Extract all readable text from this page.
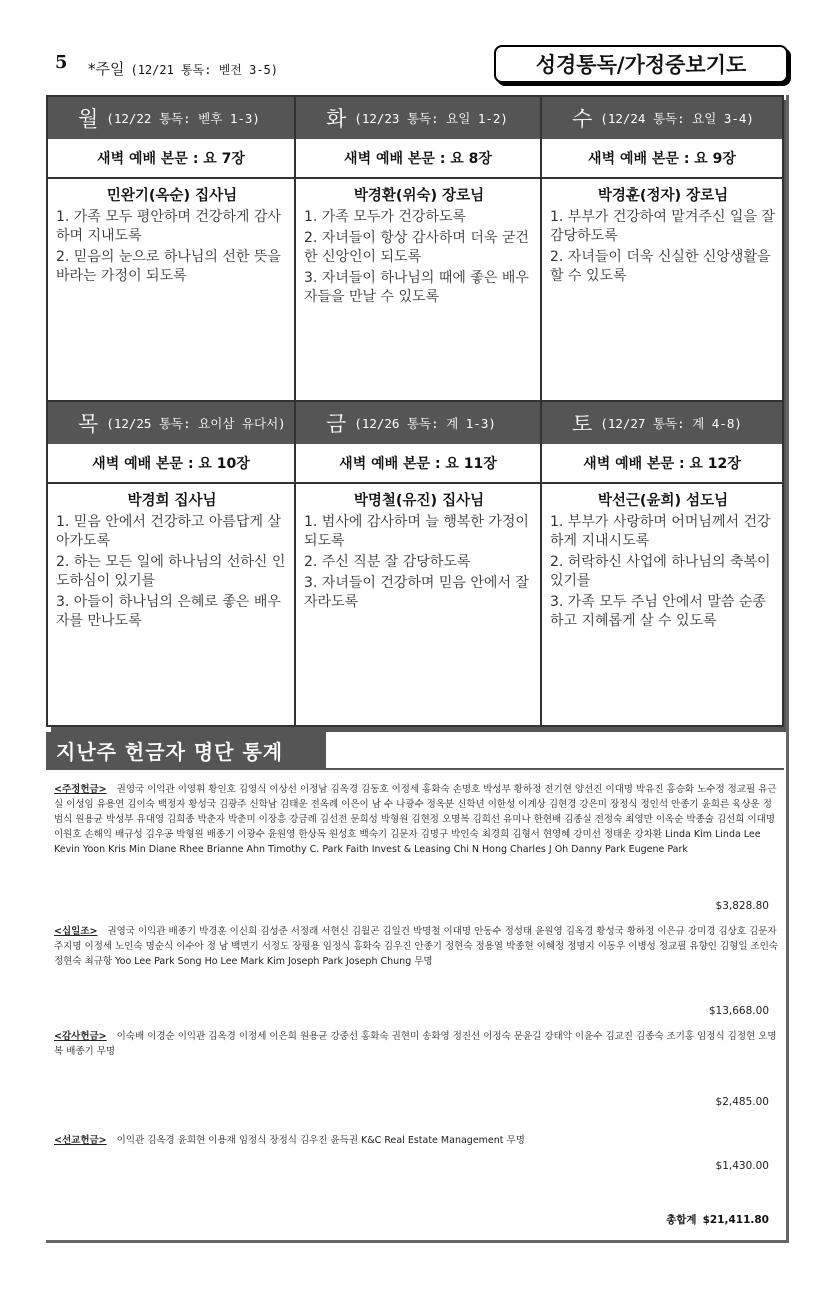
5 *주일 (12/21 통독: 벧전 3-5)	성경통독/가정중보기도
월 (12/22 통독: 벧후 1-3)
새벽 예배 본문 : 요 7장
민완기(옥순) 집사님
1. 가족 모두 평안하며 건강하게 감사하며 지내도록
2. 믿음의 눈으로 하나님의 선한 뜻을 바라는 가정이 되도록
화 (12/23 통독: 요일 1-2)
새벽 예배 본문 : 요 8장
박경환(위숙) 장로님
1. 가족 모두가 건강하도록
2. 자녀들이 항상 감사하며 더욱 굳건한 신앙인이 되도록
3. 자녀들이 하나님의 때에 좋은 배우자들을 만날 수 있도록
수 (12/24 통독: 요일 3-4)
새벽 예배 본문 : 요 9장
박경훈(정자) 장로님
1. 부부가 건강하여 맡겨주신 일을 잘 감당하도록
2. 자녀들이 더욱 신실한 신앙생활을 할 수 있도록
목 (12/25 통독: 요이삼 유다서)
새벽 예배 본문 : 요 10장
박경희 집사님
1. 믿음 안에서 건강하고 아름답게 살아가도록
2. 하는 모든 일에 하나님의 선하신 인도하심이 있기를
3. 아들이 하나님의 은혜로 좋은 배우자를 만나도록
금 (12/26 통독: 계 1-3)
새벽 예배 본문 : 요 11장
박명철(유진) 집사님
1. 범사에 감사하며 늘 행복한 가정이 되도록
2. 주신 직분 잘 감당하도록
3. 자녀들이 건강하며 믿음 안에서 잘 자라도록
토 (12/27 통독: 계 4-8)
새벽 예배 본문 : 요 12장
박선근(윤희) 섬도님
1. 부부가 사랑하며 어머님께서 건강하게 지내시도록
2. 허락하신 사업에 하나님의 축복이 있기를
3. 가족 모두 주님 안에서 말씀 순종하고 지혜롭게 살 수 있도록
지난주 헌금자 명단 통계
<주정헌금> 권영국 이익관 이영휘 황인호 김영식 이상선 이정남 김옥경 김동호 이정세 홍화숙 손명호 박성부 황하정 전기현 양선진 이대명 박유진 홍승화 노수정 정교필 유근실 이성임 유용연 김이숙 백정자 황성국 김광주 신학남 김태운 전옥례 이은이 남 수 나광수 정옥분 신학년 이한성 이계상 김현경 강은미 장정식 정인석 안종기 윤희른 육상운 정범식 원용균 박성부 유대영 김희종 박춘자 박춘미 이장흥 강금례 김선전 문희성 박형원 김현정 오명복 김희선 유미나 한현배 김종실 전정숙 최영만 이옥순 박종술 김선희 이대명 이원호 손해익 배규성 김우공 박형원 배종기 이광수 윤원영 한상독 원성호 백숙기 김문자 김명구 박인숙 최경희 김형서 현영혜 강미선 정태운 강차환 Linda Kim Linda Lee Kevin Yoon Kris Min Diane Rhee Brianne Ahn Timothy C. Park Faith Invest & Leasing Chi N Hong Charles J Oh Danny Park Eugene Park
$3,828.80
<십일조> 권영국 이익관 배종기 박경훈 이신희 김성준 서정래 서현신 김월곤 김일건 박명철 이대명 안동수 정성태 윤원영 김옥경 황성국 황하정 이은규 강미경 김상호 김문자 주지명 이정세 노인숙 명순식 이수아 정 남 백면기 서정도 장평용 임정식 홍화숙 김우진 안종기 정현숙 정용열 박종현 이혜정 정명지 이동우 이병성 정교필 유향인 김형일 조인숙 정현숙 최규항 Yoo Lee Park Song Ho Lee Mark Kim Joseph Park Joseph Chung 무명
$13,668.00
<감사헌금> 이숙배 이경순 이익관 김옥경 이정세 이은희 원용균 강중선 홍화숙 권현미 송화영 정진선 이정숙 문윤길 강태악 이윤수 김교진 김종숙 조기홍 임정식 김정현 오명복 배종기 무명
$2,485.00
<선교헌금> 이익관 김옥경 윤희현 이용재 임정식 장정식 김우진 윤득권 K&C Real Estate Management 무명
$1,430.00
총합계 $21,411.80
